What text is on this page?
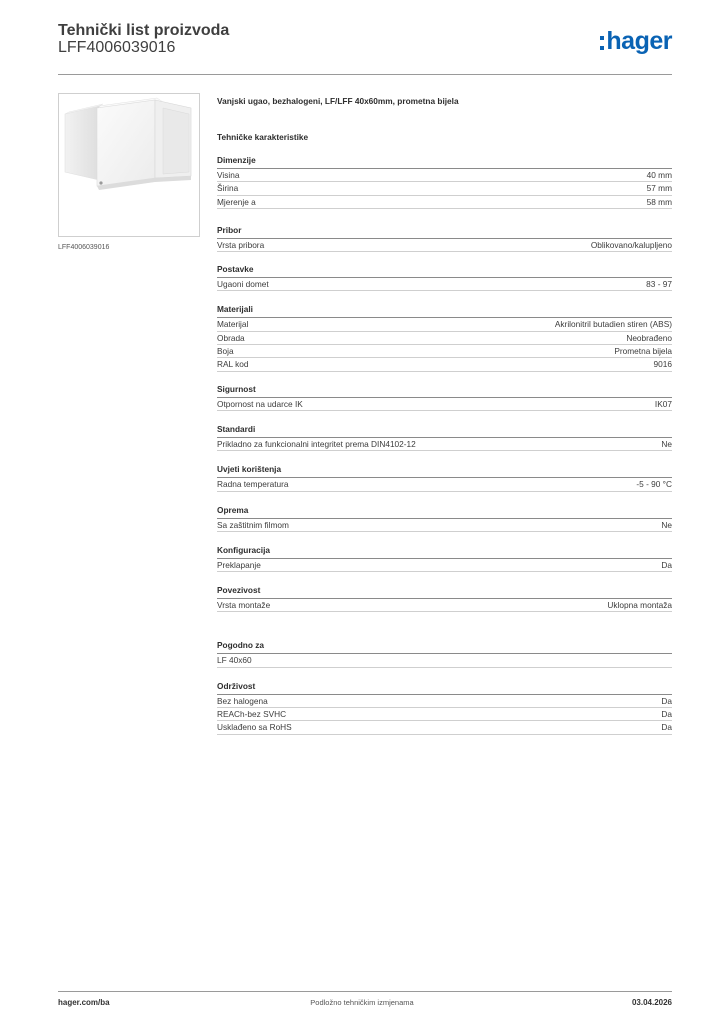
Tehnički list proizvoda
LFF4006039016	hager
LFF4006039016
Vanjski ugao, bezhalogeni, LF/LFF 40x60mm, prometna bijela
Tehničke karakteristike
Dimenzije
Visina	40 mm
Širina	57 mm
Mjerenje a	58 mm
Pribor
Vrsta pribora	Oblikovano/kalupljeno
Postavke
Ugaoni domet	83 - 97
Materijali
Materijal	Akrilonitril butadien stiren (ABS)
Obrada	Neobrađeno
Boja	Prometna bijela
RAL kod	9016
Sigurnost
Otpornost na udarce IK	IK07
Standardi
Prikladno za funkcionalni integritet prema DIN4102-12	Ne
Uvjeti korištenja
Radna temperatura	-5 - 90 °C
Oprema
Sa zaštitnim filmom	Ne
Konfiguracija
Preklapanje	Da
Povezivost
Vrsta montaže	Uklopna montaža
Pogodno za
LF 40x60
Održivost
Bez halogena	Da
REACh-bez SVHC	Da
Usklađeno sa RoHS	Da
hager.com/ba	Podložno tehničkim izmjenama	03.04.2026
